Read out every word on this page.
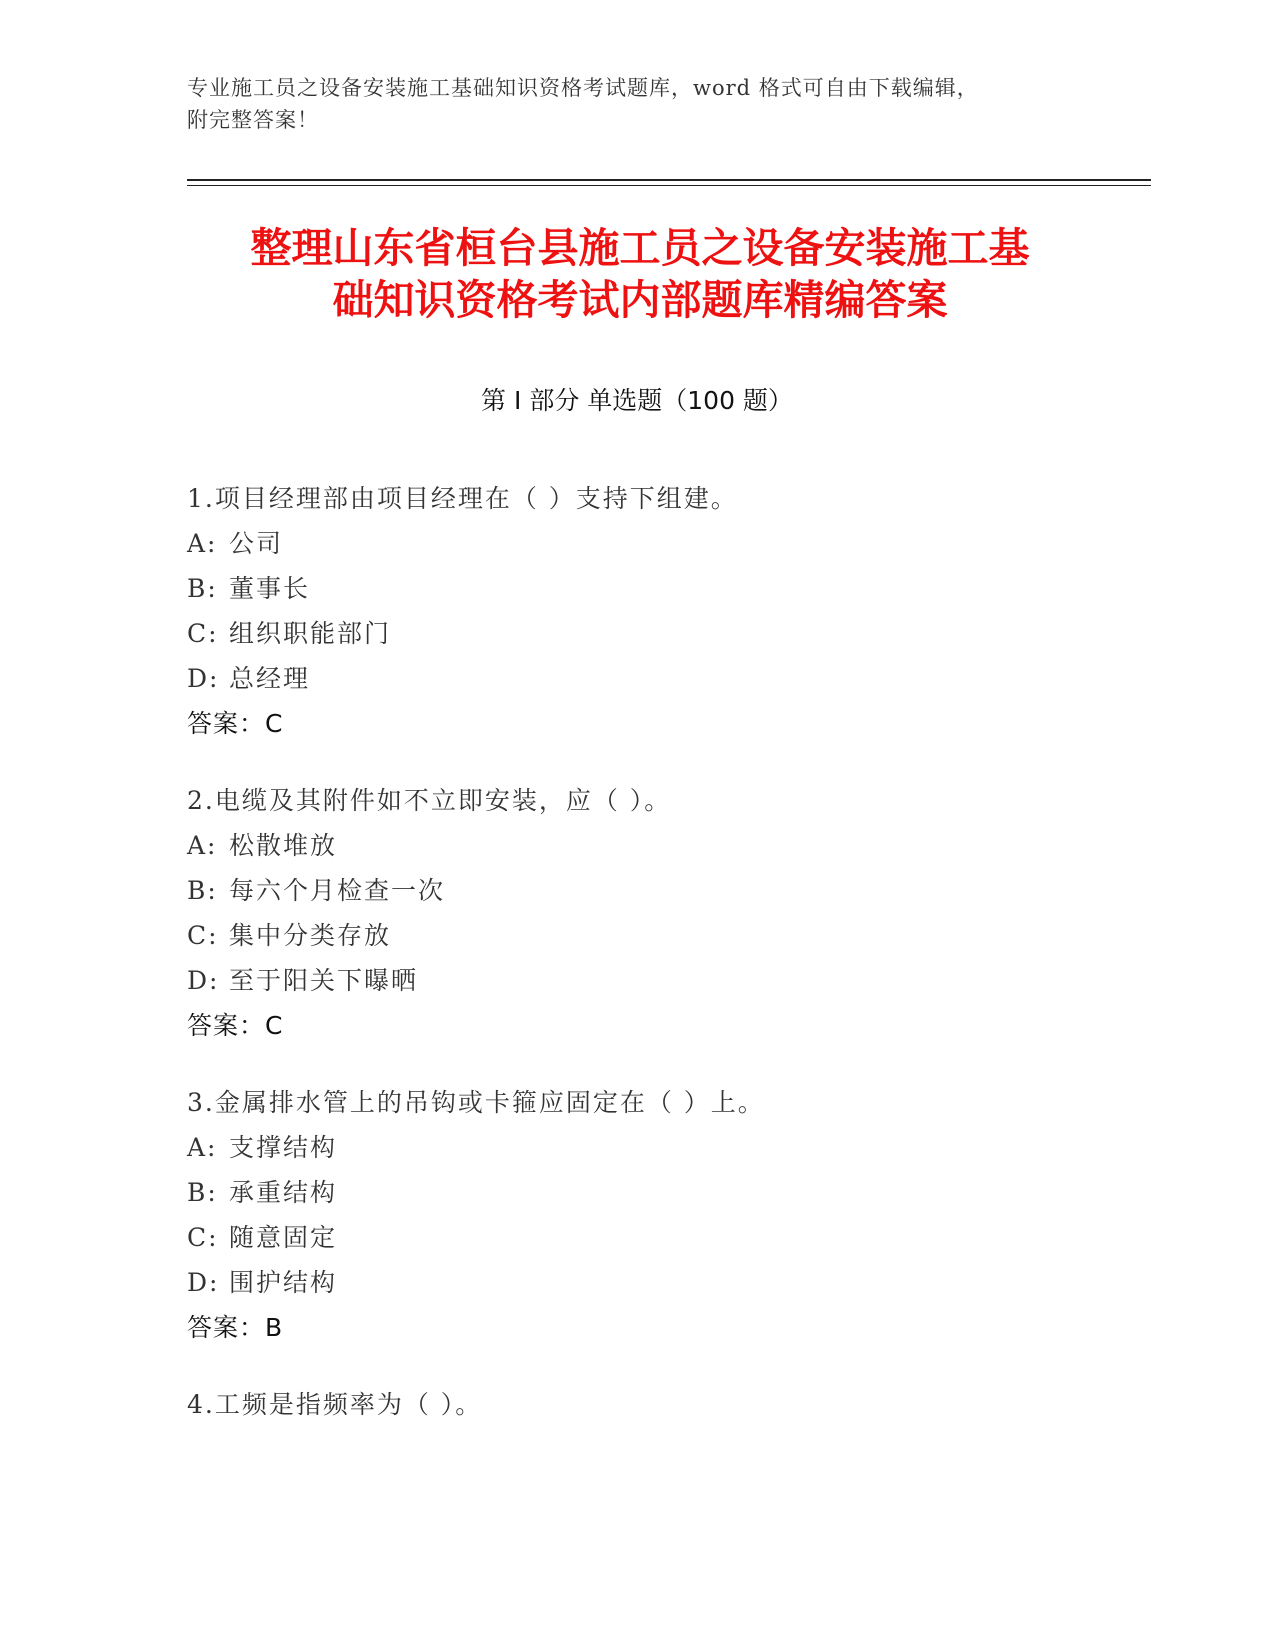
专业施工员之设备安装施工基础知识资格考试题库，word 格式可自由下载编辑，
附完整答案！
整理山东省桓台县施工员之设备安装施工基
础知识资格考试内部题库精编答案
第 I 部分 单选题（100 题）
1.项目经理部由项目经理在（ ）支持下组建。
A: 公司
B: 董事长
C: 组织职能部门
D: 总经理
答案：C
2.电缆及其附件如不立即安装，应（ ）。
A: 松散堆放
B: 每六个月检查一次
C: 集中分类存放
D: 至于阳关下曝晒
答案：C
3.金属排水管上的吊钩或卡箍应固定在（ ）上。
A: 支撑结构
B: 承重结构
C: 随意固定
D: 围护结构
答案：B
4.工频是指频率为（ ）。
